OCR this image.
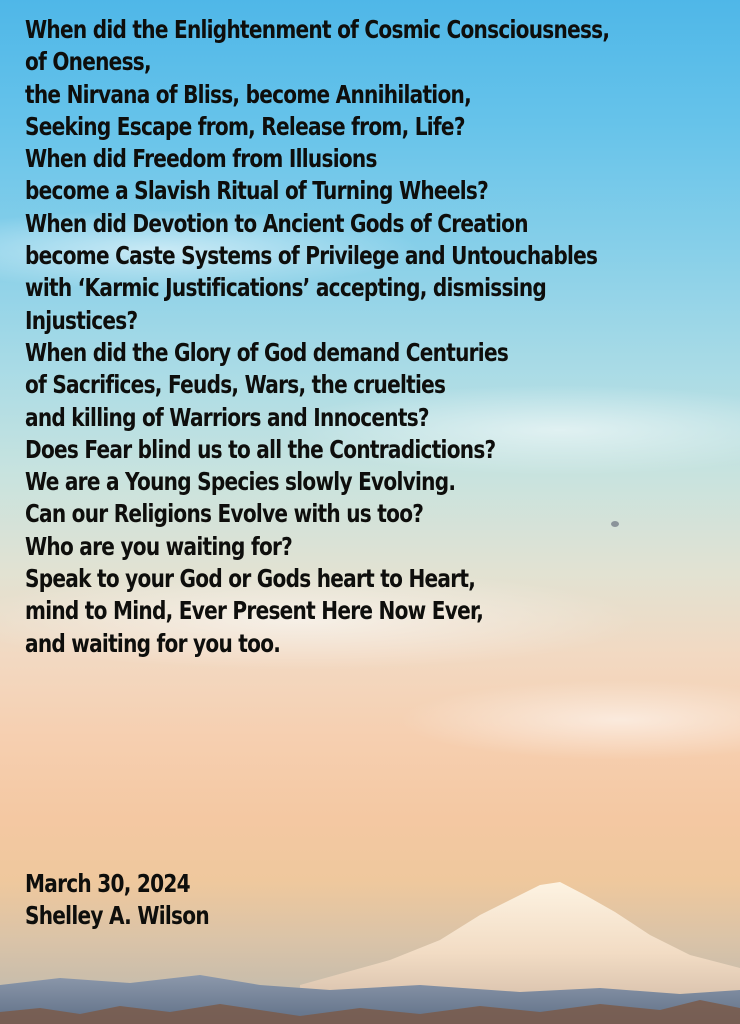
When did the Enlightenment of Cosmic Consciousness,
of Oneness,
the Nirvana of Bliss, become Annihilation,
Seeking Escape from, Release from, Life?
When did Freedom from Illusions
become a Slavish Ritual of Turning Wheels?
When did Devotion to Ancient Gods of Creation
become Caste Systems of Privilege and Untouchables
with ‘Karmic Justifications’ accepting, dismissing
Injustices?
When did the Glory of God demand Centuries
of Sacrifices, Feuds, Wars, the cruelties
and killing of Warriors and Innocents?
Does Fear blind us to all the Contradictions?
We are a Young Species slowly Evolving.
Can our Religions Evolve with us too?
Who are you waiting for?
Speak to your God or Gods heart to Heart,
mind to Mind, Ever Present Here Now Ever,
and waiting for you too.
March 30, 2024
Shelley A. Wilson
